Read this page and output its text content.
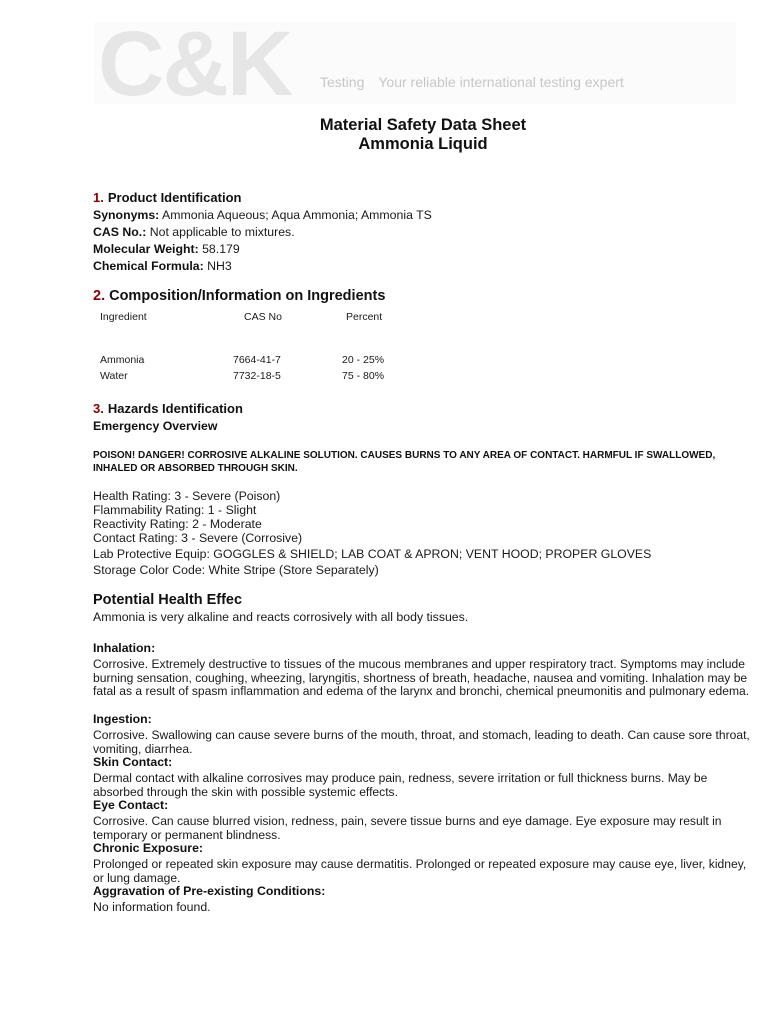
C&K Testing Your reliable international testing expert
Material Safety Data Sheet
Ammonia Liquid
1. Product Identification
Synonyms: Ammonia Aqueous; Aqua Ammonia; Ammonia TS
CAS No.: Not applicable to mixtures.
Molecular Weight: 58.179
Chemical Formula: NH3
2. Composition/Information on Ingredients
Ingredient	CAS No	Percent
Ammonia	7664-41-7	20 - 25%
Water	7732-18-5	75 - 80%
3. Hazards Identification
Emergency Overview
POISON! DANGER! CORROSIVE ALKALINE SOLUTION. CAUSES BURNS TO ANY AREA OF CONTACT. HARMFUL IF SWALLOWED, INHALED OR ABSORBED THROUGH SKIN.
Health Rating: 3 - Severe (Poison)
Flammability Rating: 1 - Slight
Reactivity Rating: 2 - Moderate
Contact Rating: 3 - Severe (Corrosive)
Lab Protective Equip: GOGGLES & SHIELD; LAB COAT & APRON; VENT HOOD; PROPER GLOVES
Storage Color Code: White Stripe (Store Separately)
Potential Health Effec
Ammonia is very alkaline and reacts corrosively with all body tissues.
Inhalation:
Corrosive. Extremely destructive to tissues of the mucous membranes and upper respiratory tract. Symptoms may include burning sensation, coughing, wheezing, laryngitis, shortness of breath, headache, nausea and vomiting. Inhalation may be fatal as a result of spasm inflammation and edema of the larynx and bronchi, chemical pneumonitis and pulmonary edema.
Ingestion:
Corrosive. Swallowing can cause severe burns of the mouth, throat, and stomach, leading to death. Can cause sore throat, vomiting, diarrhea.
Skin Contact:
Dermal contact with alkaline corrosives may produce pain, redness, severe irritation or full thickness burns. May be absorbed through the skin with possible systemic effects.
Eye Contact:
Corrosive. Can cause blurred vision, redness, pain, severe tissue burns and eye damage. Eye exposure may result in temporary or permanent blindness.
Chronic Exposure:
Prolonged or repeated skin exposure may cause dermatitis. Prolonged or repeated exposure may cause eye, liver, kidney, or lung damage.
Aggravation of Pre-existing Conditions:
No information found.
